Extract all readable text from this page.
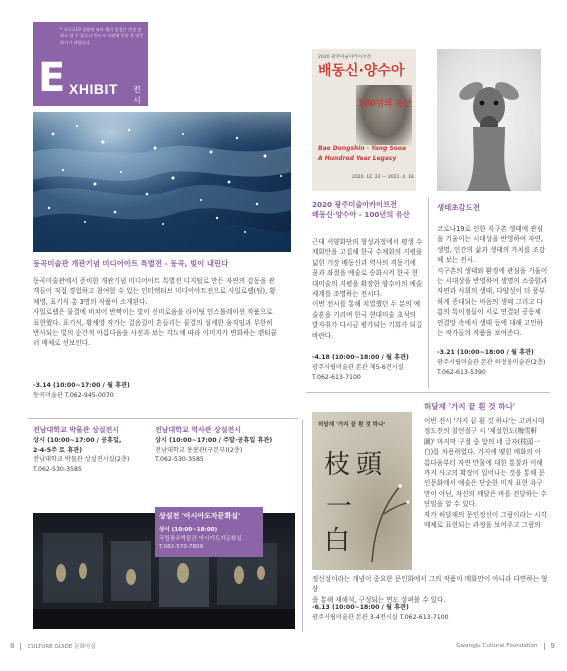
* 코로나19 상황에 따라 행사 일정은 변경 및 취소 될 수 있으니 반드시 사전에 문의 후 방문하시기 바랍니다.

E XHIBIT 전시

동곡미술관 개관기념 미디어아트 특별전 - 동곡, 빛이 내린다

동곡미술관에서 준비한 개관기념 미디어아트 특별전 디지털로 만든 자연의 감동을 관

객들이 직접 경험하고 참여할 수 있는 인터랙티브 미디어아트전으로 사일로랩(팀), 황

채영, 표기식 총 3명의 작품이 소개된다.

사일로랩은 물결에 비치어 반짝이는 빛이 신비로움을 라이팅 인스톨레이션 작품으로

표현했다. 표기식, 황채영 작가는 걸음걸이 흔들리는 물결의 섬세한 움직임과 무한히

반사되는 빛의 순간적 아름다움을 사진과 보는 각도에 따라 이미지가 변화하는 렌티큘

러 매체로 선보인다.

-3.14 (10:00~17:00 / 월 휴관)

동곡미술관 T.062-945-0070

2020 광주미술아카이브전

배동신·양수아

100년의 유산

Bae Dongshin · Yang Sooa

A Hundred Year Legacy

2020. 12. 22 — 2021. 4. 18

2020 광주미술아카이브전

배동신·양수아 - 100년의 유산

근대 서양화단의 형성과정에서 평생 수

채화만을 고집해 한국 수채화의 지평을

넓힌 거장 배동신과 역사의 격동기에

꿈과 좌절을 예술로 승화시켜 한국 현

대미술의 지평을 확장한 양수아의 예술

세계를 조명하는 전시다.

이번 전시를 통해 치열했던 두 분의 예

술혼을 기리며 한국 현대미술 초석의

발자취가 다시금 평가되는 기회가 되길

바란다.

-4.18 (10:00~18:00 / 월 휴관)

광주시립미술관 본관 제5-6전시실

T.062-613-7100

생태초감도전

코로나19로 인한 지구촌 생태에 관심

을 기울이는 시대상을 반영하여 자연,

생명, 인간의 삶과 생태의 가치를 조감

해 보는 전시.

지구촌의 생태와 환경에 관심을 기울이

는 시대상을 반영하여 생명의 소중함과

자연과 사회의 생태, 다양성이 더 풍부

하게 증대되는 마음의 생태 그리고 다

름의 특이점들이 서로 연결된 공동체

연결망 속에서 생태 등에 대해 고민하

는 작가들의 작품을 보여준다.

-3.21 (10:00~18:00 / 월 휴관)

광주시립미술관 본관 하정웅미술관(2층)

T.062-613-5390

허달재 '가지 끝 흰 것 하나'

허달재 '가지 끝 흰 것 하나'

枝 頭
一
白

이번 전시 '가지 끝 흰 것 하나'는 고려시대

정도전의 칠언절구 시 '제설헌도(梅雪軒

圖)' 마지막 구절 중 앞의 네 글자(枝頭一

白)를 차용하였다. 가지에 맺힌 매화의 아

름다움부터 자연 만물에 대한 통찰과 이해

까지 사고의 확장이 일어나는 것을 통해 문

인문화에서 예술은 단순한 미적 표현 욕구

만이 아닌, 자신의 깨달은 바를 전달하는 수

단임을 알 수 있다.

작가 허달재의 문인정신이 그림이라는 시각

매체로 표현되는 과정을 보여주고 그림의

정신성이라는 개념이 중요한 문인화에서 그의 작품이 매화만이 아니라 다면하는 형상

을 통해 재해석, 구성되는 면도 살펴볼 수 있다.

-6.13 (10:00~18:00 / 월 휴관)

광주시립미술관 본관 3-4전시실 T.062-613-7100

전남대학교 박물관 상설전시

상시 (10:00~17:00 / 공휴일,

2-4-5주 토 휴관)

전남대학교 박물관 상설전시실(2층)

T.062-530-3585

전남대학교 역사관 상설전시

상시 (10:00~17:00 / 주말·공휴일 휴관)

전남대학교 용봉관(구본부)(2층)

T.062-530-3585

상설전 '아시아도자문화실'

상시 (10:00~18:00)

국립광주박물관 아시아도자문화실

T.062-570-7809

8 CULTURE GUIDE 문화마실	Gwangju Cultural Foundation 9
